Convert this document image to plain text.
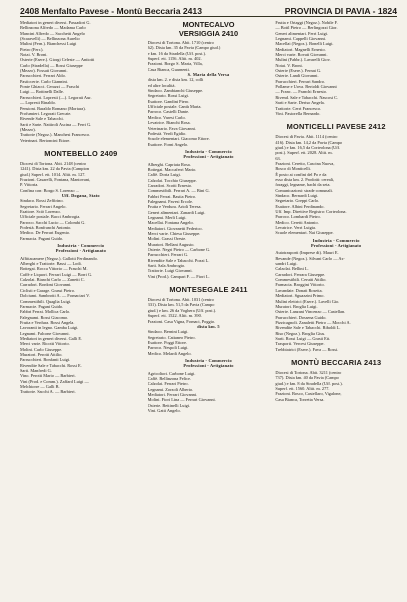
2408 Menfalto Pavese - Montù Beccaria 2413	PROVINCIA DI PAVIA - 1824
Mediatori in generi diversi. Passadori G.
Bellinzona Alfredo — Madama Carlo
Mancini Alfredo — Sacchetti Angelo
(Scaravelli) — Bellinzona Aurelio
Mulini (Fern.). Bianchessi Luigi
Pietro (Ferr.).
Notai. V. Broni.
Osterie (Esere.). Giorgi Celeste — Antiotti
Carlo (Stradella) — Rossi Giuseppe
(Mezzo). Fossati Giovanni.
Parrucchieri. Ferrari Aldo.
Pasticcerie. Carlo Giannini.
Ponte Ghiacci. Cerazzi — Fraschi
Luigi — Bottinelli Dalle.
Parrucchieri. Lopresti (—). Legorati Aur.
— Lopresti Rinaldo.
Pensioni. Baraldo Romano (Mortara).
Profumieri. Legorati Grecate.
Rivende Sale e Tabacchi.
Sarti e Sarte. Nattiroli Ascina — Ferri G.
(Mezzo).
Trattorie (Negoz.). Manchesi Francesco.
Veterinari. Bertoncini Ettore.
MONTEBELLO 2409
Diocesi di Tortona. Abit. 2148 (centro
1241). Dista km. 22 da Pavia (Campion
giud.) Superf. ett. 1014. Altit. m. 127.
Frazioni. Casarelli, Fontana, Mantovani,
P. Vittoria.
Confina con: Borgo S. Lorenzo ...
Uff. Dogana, Stato
Sindaco. Rossi Zeffirino.
Segretario. Ferrari Angelo.
Esattore. Sciò Lorenzo.
Ufficiale postale. Bacci Ambrogia.
Parroco. Sacchi Lucio — Colombi G.
Podestà. Bonfranchi Antonio.
Medico. De Ferrari Eugenio.
Farmacia. Pagani Guido.
Industria - Commercio
Professioni - Artigianato
Affittacamere (Negoz.). Gallotti Ferdinando.
Alberghi e Trattorie. Bassi — Lodi.
Bottegai. Rocca Vittorio — Fraschi M.
Caffè e Liquori. Ferrari Luigi — Borri G.
Calzolai. Bianchi Carlo — Zanetti C.
Carradori. Bordoni Giovanni.
Ciclisti e Garage. Grassi Pietro.
Dolciumi. Sambrotti A. — Fornaciari V.
Commestibili. Quaglia Luigi.
Farmacie. Pagani Guido.
Fabbri Ferrai. Mollica Carlo.
Falegnami. Rossi Giacomo.
Frutta e Verdura. Bossi Angela.
Lavoranti in legno. Gamba Luigi.
Legnami. Falcone Giovanni.
Mediatori in generi diversi. Galli E.
Merci varie. Ricotti Vittorio.
Molini. Carlo Giuseppe.
Muratori. Perotti Attilio.
Parrucchieri. Bonfanti Luigi.
Rivendite Sale e Tabacchi. Rossi E.
Sarti. Manfredi G.
Vino. Perotti Mario — Barbieri.
Vini (Prod. e Comm.). Zaffard Luigi —
Melchiorre — Galli B.
Trattorie. Sacchi A. — Barbieri.
MONTECALVO
VERSIGGIA 2410
Diocesi di Tortona. Abit. 1710 (centro
62). Dista km. 35 da Pavia (Campo giud.)
e km. 16 da Stradella (Uff. post.).
Superf. ett. 1156. Altit. m. 402.
Frazioni. Borgo S. Maria, Villa,
Casa Bianca, Guarnenti.
S. Maria della Versa
dista km. 2. e dista km. 12, colli
ed altre località.
Sindaco. Zambianchi Giuseppe.
Segretario. Rossi Luigi.
Esattore. Gandini Piero.
Ufficiale postale. Cantù Maria.
Parroco. Castelli Dante.
Medico. Varesi Carlo.
Levatrice. Bianchi Rosa.
Veterinario. Fava Giovanni.
Podestà. Verdi Egidio.
Scuole elementari. Giacomo Ettore.
Esattore. Forni Angelo.
Industria - Commercio
Professioni - Artigianato
Alberghi. Capriata Rosa.
Bottegai. Maccaferri Mario.
Caffè. Doria Luigi.
Calzolai. Tocchio Giuseppe.
Carradori. Scotti Ernesto.
Commestibili. Ferrari A. — Bini G.
Fabbri Ferrai. Bastia Pietro.
Falegnami. Pavesi Ercole.
Frutta e Verdura. Arioli Teresa.
Generi alimentari. Zanardi Luigi.
Legnami. Merli Luigi.
Macellai. Fontana Angelo.
Mediatori. Giovanetti Federico.
Merci varie. Chiesa Giuseppe.
Molini. Grassi Oreste.
Muratori. Bellani Augusto.
Osterie. Negri Pietro — Carbone G.
Parrucchieri. Ferrari G.
Rivendite Sale e Tabacchi. Pozzi L.
Sarti. Sala Ambrogio.
Trattorie. Luigi Giovanni.
Vini (Prod.). Campari F. — Fiori L.
MONTESEGALE 2411
Diocesi di Tortona. Abit. 1031 (centro
331). Dista km. 51,5 da Pavia (Campo
giud.) e km. 26 da Voghera (Uff. post.).
Superf. ett. 1522. Altit. m. 390.
Frazioni. Casa Vigna, Fornaci, Poggio.
dista km. 5
Sindaco. Bernini Luigi.
Segretario. Cattaneo Pietro.
Esattore. Poggi Ettore.
Parroco. Nespoli Luigi.
Medico. Melardi Angelo.
Industria - Commercio
Professioni - Artigianato
Agricoltori. Carbone Luigi.
Caffè. Bellinzona Felice.
Calzolai. Ferrari Pietro.
Legnami. Zorzoli Alberto.
Mediatori. Ferrari Giovanni.
Molini. Fiori Lina — Ferrari Giovanni.
Osterie. Bettinelli Luigi.
Vini. Gatti Angelo.
Frutta e Ortaggi (Negoz.). Nobile F.
— Bottl Pietro — Berlingozzi Gior.
Generi alimentari. Ferri Luigi.
Legnami. Cappelli Giovanni.
Macellai (Negoz.). Bonelli Luigi.
Mediatori. Magnelli Ernesto.
Merci varie. Rovati Giovanni.
Mulini (Fabbr.). Lavarelli Giov.
Notai. V. Broni.
Osterie (Esere.). Fernat G.
Osterie. Landi Giovanni.
Parrucchieri. Ferrari Sandro.
Pollame e Uova. Bertoldi Giovanni
— Franc. — Franchi Ernesto.
Rivend. Sale e Tabacchi. Nascosi C.
Sarti e Sarte. Deriso Angela.
Trattorie. Cerri Francesco.
Vini. Pastorella Bernardo.
MONTICELLI PAVESE 2412
Diocesi di Pavia. Abit. 1114 (centro
416). Dista km. 14,2 da Pavia (Campo
giud.) e km. 16,5 da Corteolona (Uff.
post.). Superf. ett. 2028. Altit. m.
63.
Frazioni. Ceretto, Cascina Nuova,
Bosco di Monticelli.
È posto ai confini del Po e da
esso dista km. 2. Prodotti: cereali,
foraggi, legname, bachi da seta.
Comunicazioni: strade comunali.
Sindaco. Bernardi Luigi.
Segretario. Greppi Carlo.
Esattore. Albini Ferdinando.
Uff. Imp. Direttive Registro: Corteolona.
Parroco. Lombardi Pietro.
Medico. Ceretti Antonio.
Levatrice. Verri Luigia.
Scuole elementari. Nai Giuseppe.
Industria - Commercio
Professioni - Artigianato
Autotrasporti (Imprese di). Mauri E.
Bevande (Negoz.). Silvani Carlo — As-
sandri Luigi.
Calzolai. Bellini L.
Carradori. Ferrara Giuseppe.
Commestibili. Cerutti Attilio.
Farmacia. Broggini Vittorio.
Lavandaie. Donati Rosetta.
Mediatori. Sguazzini Primo.
Mulini elettrici (Esere.). Lavelli Gio.
Muratori. Broglia Luigi.
Osterie. Lanzani Vincenzo — Castellan.
Parrucchieri. Dossena Guido.
Pizzicagnoli. Zanaletti Pietro — Mocchi A.
Rivendite Sale e Tabacchi. Riboldi L.
Riso (Negoz.). Broglia Gius.
Sarti. Rossi Luigi — Grasti Ett.
Trasporti. Vercesi Giuseppe.
Trebbiatrici (Esere.). Fava — Rossi.
MONTÙ BECCARIA 2413
Diocesi di Tortona. Abit. 3211 (centro
737). Dista km. 40 da Pavia (Campo
giud.) e km. 8 da Stradella (Uff. post.).
Superf. ett. 1560. Altit. m. 277.
Frazioni. Bosco, Castellaro, Vigalone,
Casa Bianca, Torretta Versa.
